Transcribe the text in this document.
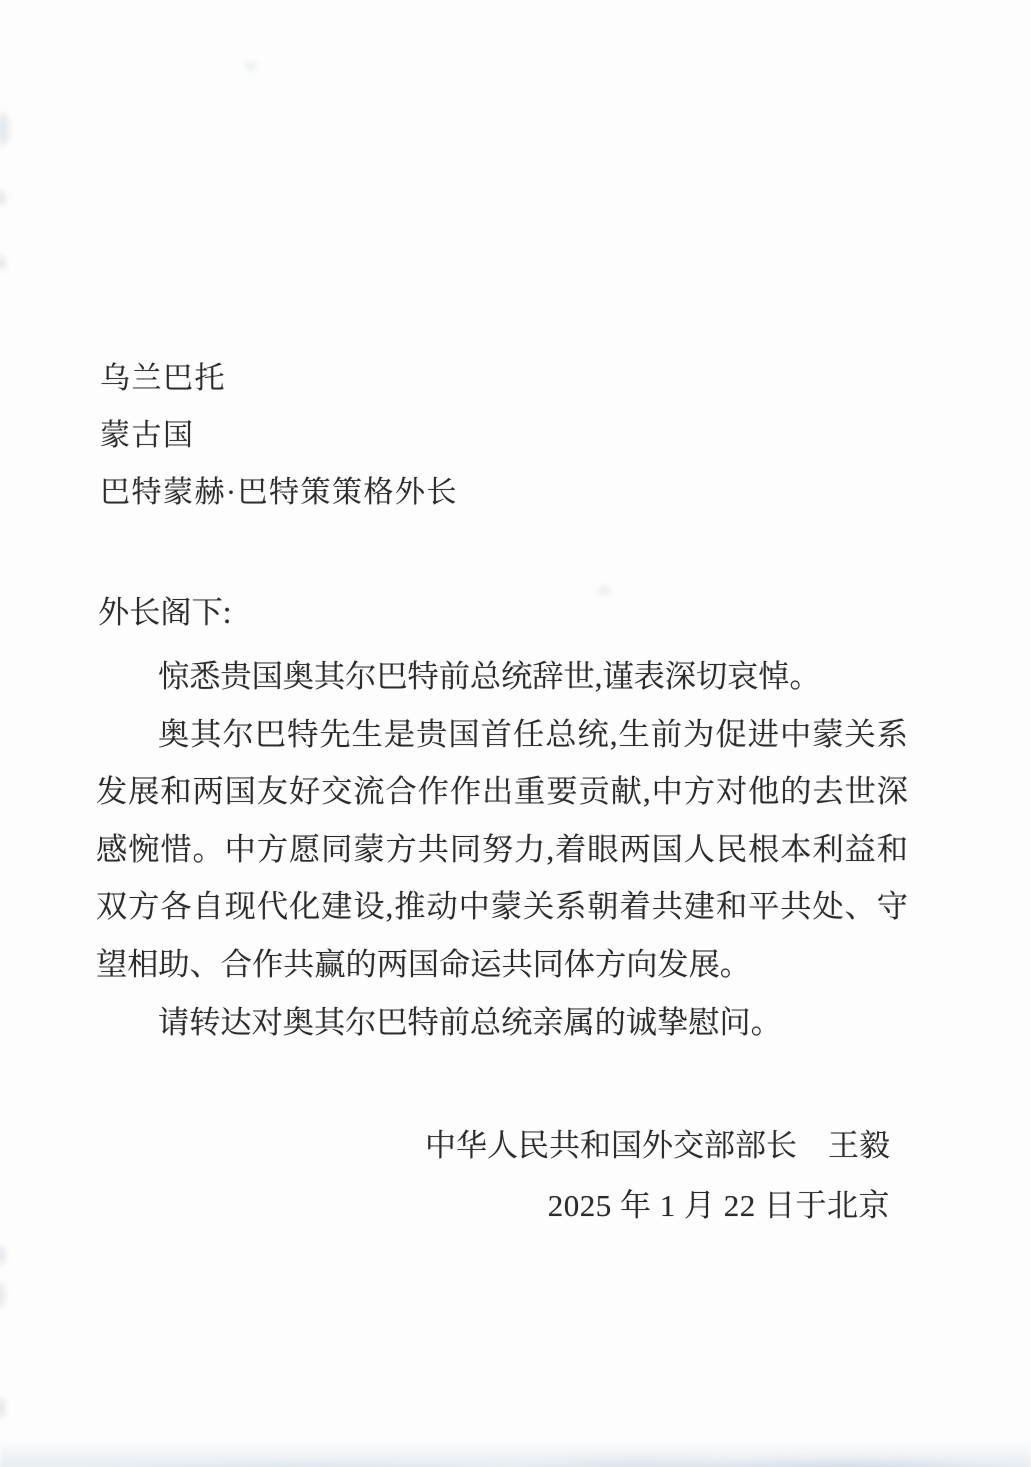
乌兰巴托
蒙古国
巴特蒙赫·巴特策策格外长
外长阁下:
惊悉贵国奥其尔巴特前总统辞世,谨表深切哀悼。
奥其尔巴特先生是贵国首任总统,生前为促进中蒙关系
发展和两国友好交流合作作出重要贡献,中方对他的去世深
感惋惜。中方愿同蒙方共同努力,着眼两国人民根本利益和
双方各自现代化建设,推动中蒙关系朝着共建和平共处、守
望相助、合作共赢的两国命运共同体方向发展。
请转达对奥其尔巴特前总统亲属的诚挚慰问。
中华人民共和国外交部部长　王毅
2025 年 1 月 22 日于北京
